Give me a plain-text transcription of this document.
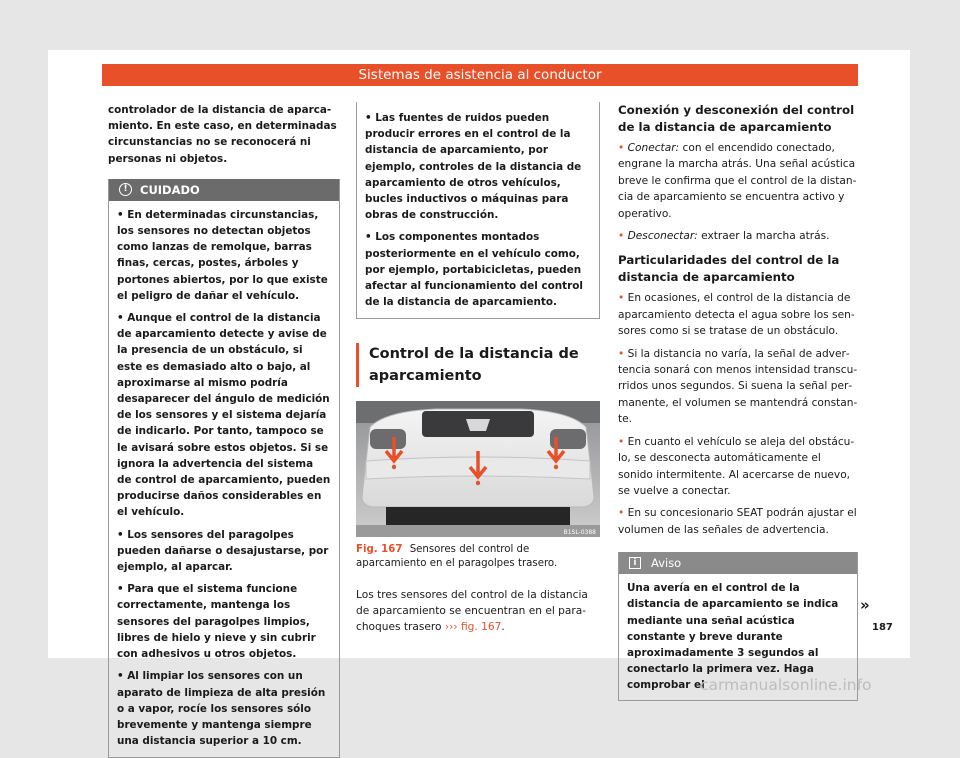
Sistemas de asistencia al conductor

controlador de la distancia de aparcamiento. En este caso, en determinadas circunstancias no se reconocerá ni personas ni objetos.

!	CUIDADO

• En determinadas circunstancias, los sensores no detectan objetos como lanzas de remolque, barras finas, cercas, postes, árboles y portones abiertos, por lo que existe el peligro de dañar el vehículo.

• Aunque el control de la distancia de aparcamiento detecte y avise de la presencia de un obstáculo, si este es demasiado alto o bajo, al aproximarse al mismo podría desaparecer del ángulo de medición de los sensores y el sistema dejaría de indicarlo. Por tanto, tampoco se le avisará sobre estos objetos. Si se ignora la advertencia del sistema de control de aparcamiento, pueden producirse daños considerables en el vehículo.

• Los sensores del paragolpes pueden dañarse o desajustarse, por ejemplo, al aparcar.

• Para que el sistema funcione correctamente, mantenga los sensores del paragolpes limpios, libres de hielo y nieve y sin cubrir con adhesivos u otros objetos.

• Al limpiar los sensores con un aparato de limpieza de alta presión o a vapor, rocíe los sensores sólo brevemente y mantenga siempre una distancia superior a 10 cm.

• Las fuentes de ruidos pueden producir errores en el control de la distancia de aparcamiento, por ejemplo, controles de la distancia de aparcamiento de otros vehículos, bucles inductivos o máquinas para obras de construcción.

• Los componentes montados posteriormente en el vehículo como, por ejemplo, portabicicletas, pueden afectar al funcionamiento del control de la distancia de aparcamiento.

Control de la distancia de aparcamiento
B1SL-0388
Fig. 167 Sensores del control de aparcamiento en el paragolpes trasero.

Los tres sensores del control de la distancia de aparcamiento se encuentran en el parachoques trasero ››› fig. 167.

Conexión y desconexión del control de la distancia de aparcamiento

• Conectar: con el encendido conectado, engrane la marcha atrás. Una señal acústica breve le confirma que el control de la distancia de aparcamiento se encuentra activo y operativo.

• Desconectar: extraer la marcha atrás.

Particularidades del control de la distancia de aparcamiento

• En ocasiones, el control de la distancia de aparcamiento detecta el agua sobre los sensores como si se tratase de un obstáculo.

• Si la distancia no varía, la señal de advertencia sonará con menos intensidad transcurridos unos segundos. Si suena la señal permanente, el volumen se mantendrá constante.

• En cuanto el vehículo se aleja del obstáculo, se desconecta automáticamente el sonido intermitente. Al acercarse de nuevo, se vuelve a conectar.

• En su concesionario SEAT podrán ajustar el volumen de las señales de advertencia.

i	Aviso

Una avería en el control de la distancia de aparcamiento se indica mediante una señal acústica constante y breve durante aproximadamente 3 segundos al conectarlo la primera vez. Haga comprobar el

»
187
carmanualsonline.info
